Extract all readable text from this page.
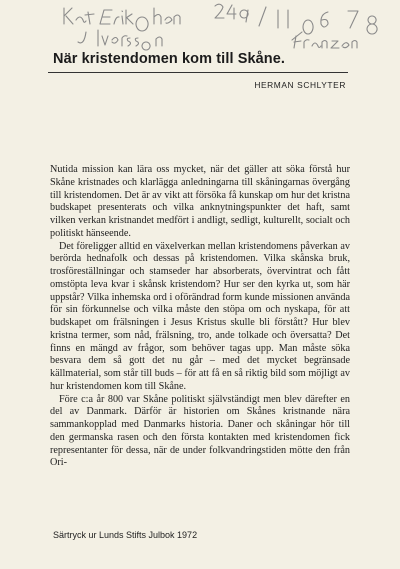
När kristendomen kom till Skåne.
HERMAN SCHLYTER

Nutida mission kan lära oss mycket, när det gäller att söka förstå hur Skåne kristnades och klarlägga anledningarna till skåningarnas övergång till kristendomen. Det är av vikt att försöka få kunskap om hur det kristna budskapet presenterats och vilka anknytningspunkter det haft, samt vilken verkan kristnandet medfört i andligt, sedligt, kulturellt, socialt och politiskt hänseende.

Det föreligger alltid en växelverkan mellan kristendomens påverkan av berörda hednafolk och dessas på kristendomen. Vilka skånska bruk, trosföreställningar och stamseder har absorberats, övervintrat och fått omstöpta leva kvar i skånsk kristendom? Hur ser den kyrka ut, som här uppstår? Vilka inhemska ord i oförändrad form kunde missionen använda för sin förkunnelse och vilka måste den stöpa om och nyskapa, för att budskapet om frälsningen i Jesus Kristus skulle bli förstått? Hur blev kristna termer, som nåd, frälsning, tro, ande tolkade och översatta? Det finns en mängd av frågor, som behöver tagas upp. Man måste söka besvara dem så gott det nu går – med det mycket begränsade källmaterial, som står till buds – för att få en så riktig bild som möjligt av hur kristendomen kom till Skåne.

Före c:a år 800 var Skåne politiskt självständigt men blev därefter en del av Danmark. Därför är historien om Skånes kristnande nära sammankopplad med Danmarks historia. Daner och skåningar hör till den germanska rasen och den första kontakten med kristendomen fick representanter för dessa, när de under folkvandringstiden mötte den från Ori-

Särtryck ur Lunds Stifts Julbok 1972
